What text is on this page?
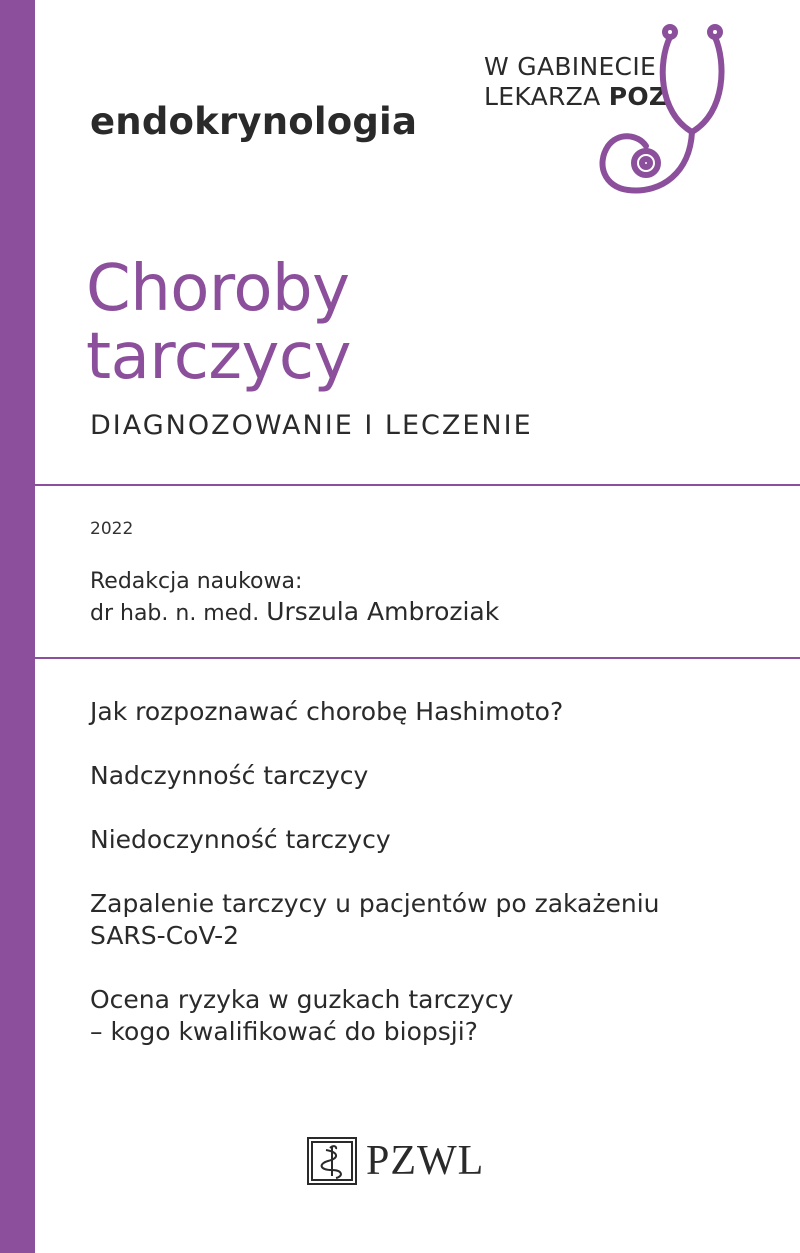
W GABINECIE
LEKARZA POZ
endokrynologia
Choroby
tarczycy
DIAGNOZOWANIE I LECZENIE
2022
Redakcja naukowa:
dr hab. n. med. Urszula Ambroziak
Jak rozpoznawać chorobę Hashimoto?
Nadczynność tarczycy
Niedoczynność tarczycy
Zapalenie tarczycy u pacjentów po zakażeniu
SARS-CoV-2
Ocena ryzyka w guzkach tarczycy
– kogo kwalifikować do biopsji?
PZWL
